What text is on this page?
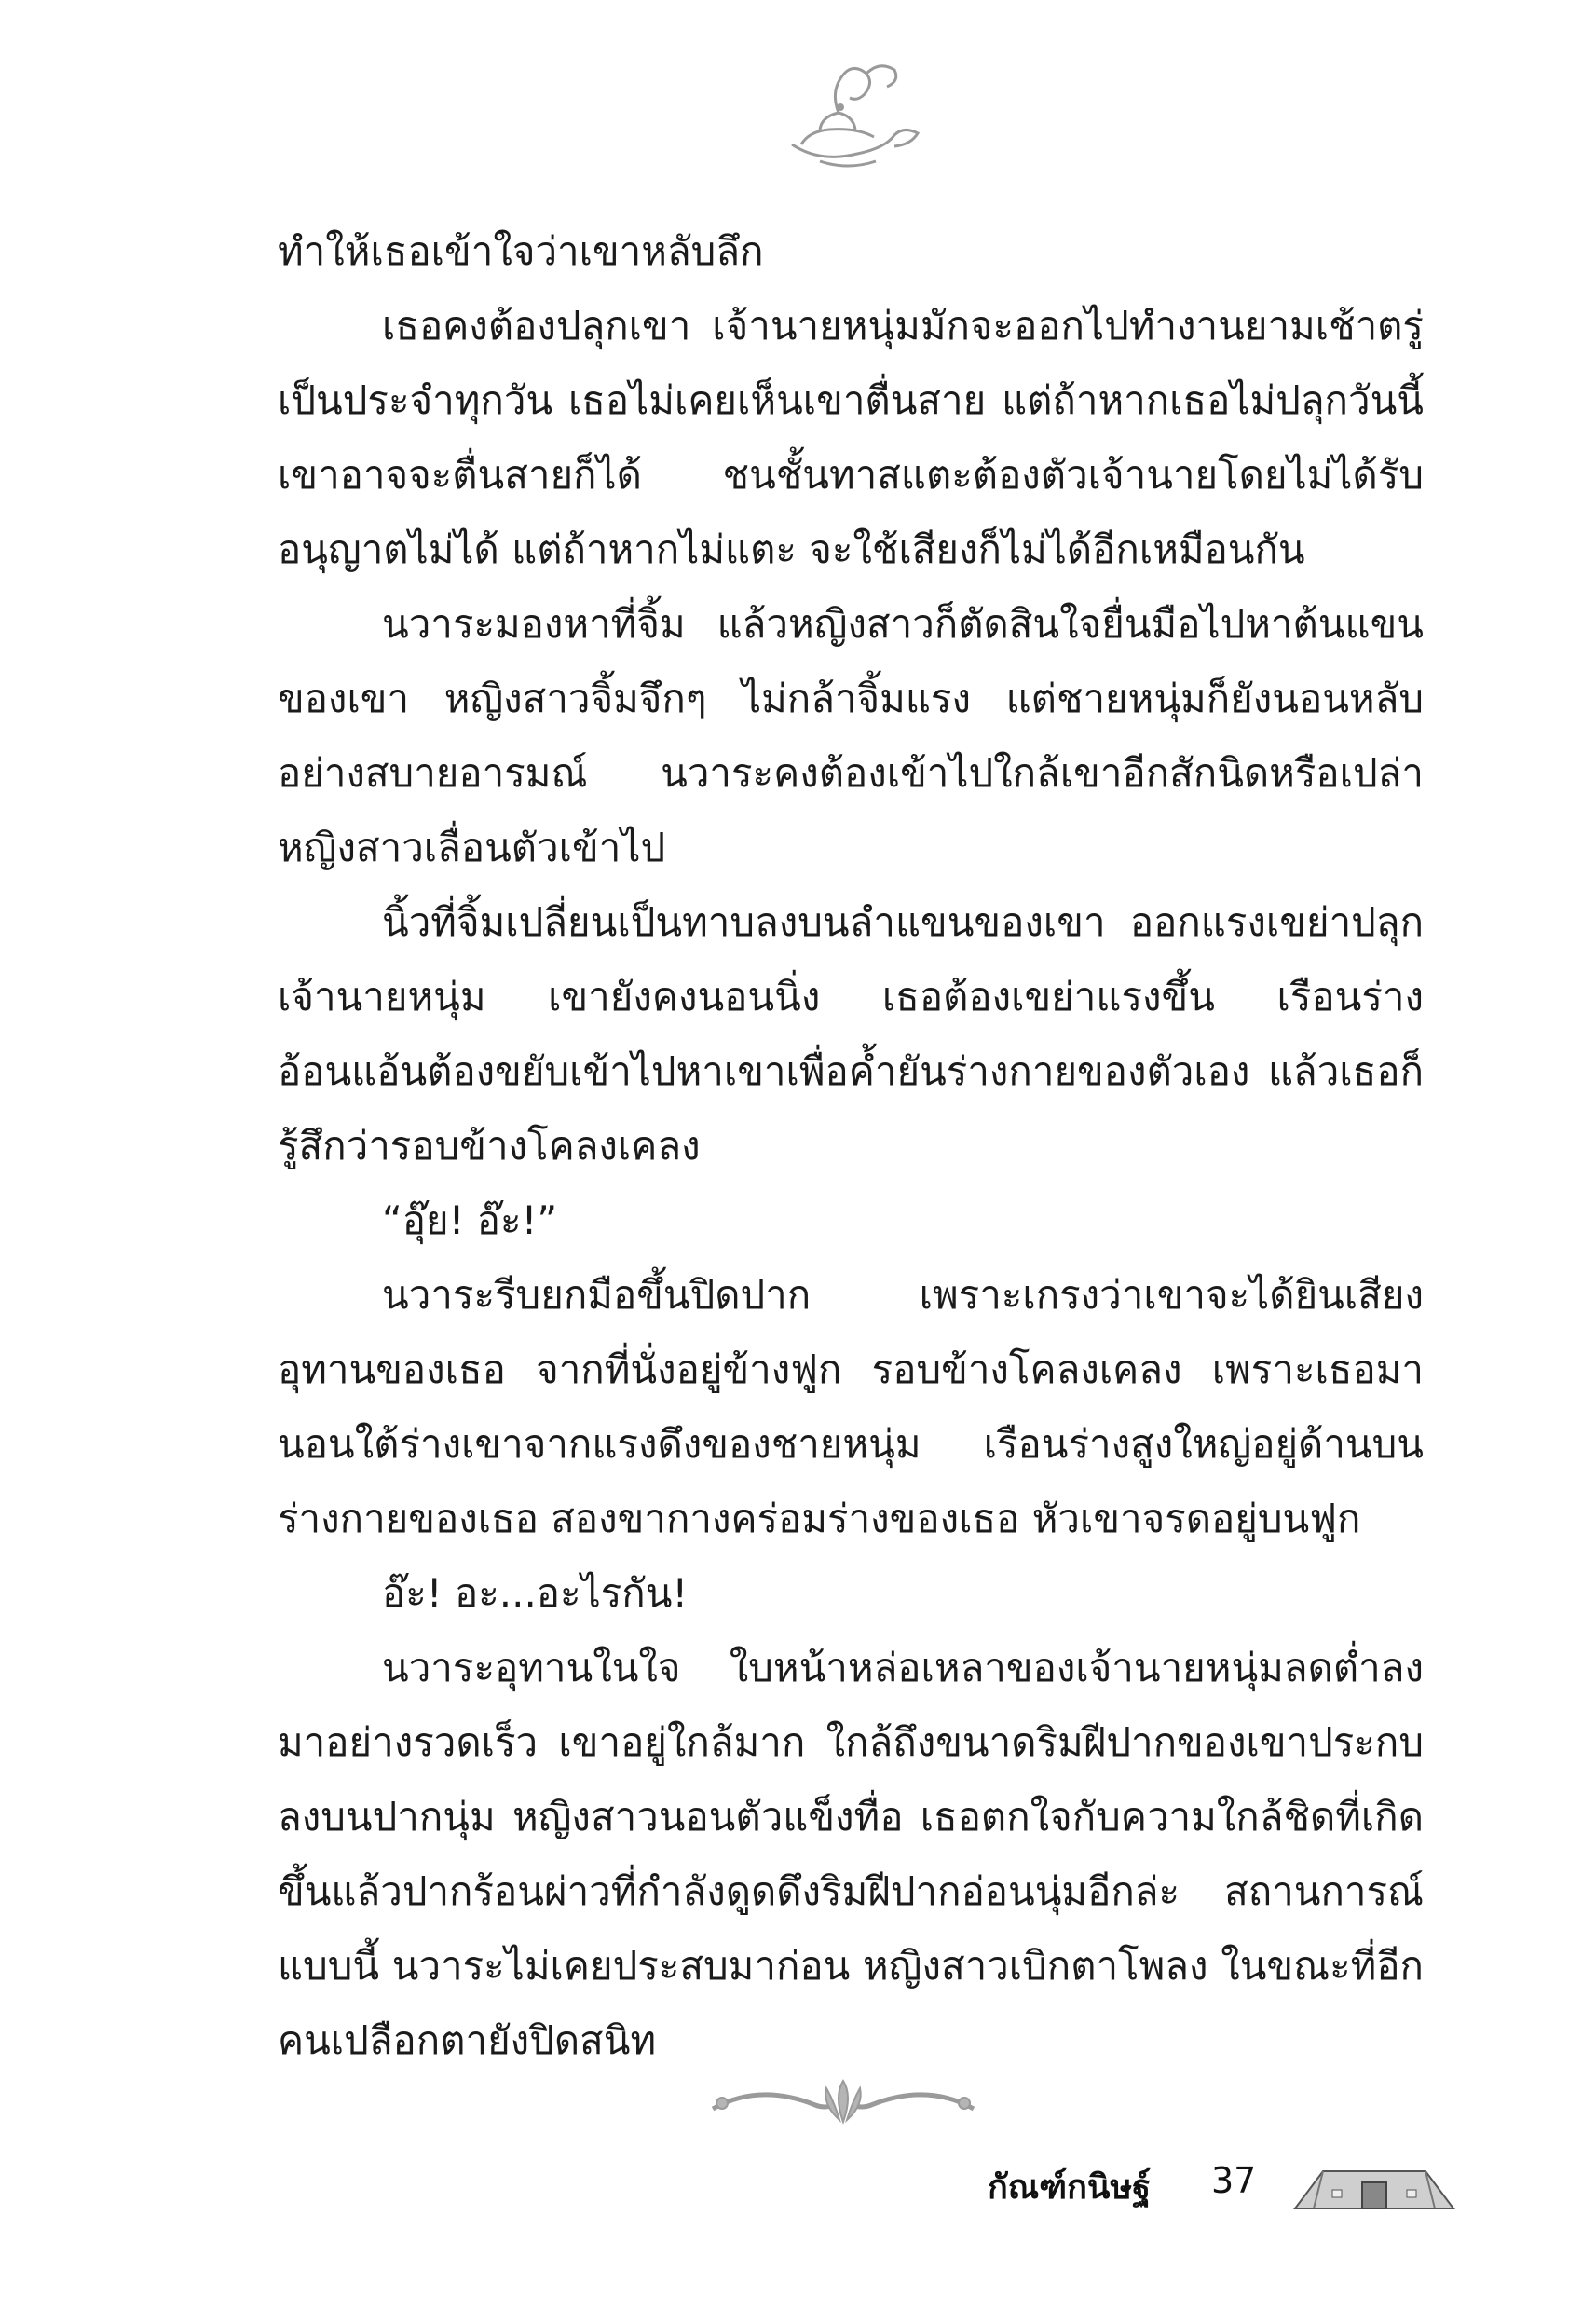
ทำให้เธอเข้าใจว่าเขาหลับลึก

เธอคงต้องปลุกเขา เจ้านายหนุ่มมักจะออกไปทำงานยามเช้าตรู่เป็นประจำทุกวัน เธอไม่เคยเห็นเขาตื่นสาย แต่ถ้าหากเธอไม่ปลุกวันนี้เขาอาจจะตื่นสายก็ได้ ชนชั้นทาสแตะต้องตัวเจ้านายโดยไม่ได้รับอนุญาตไม่ได้ แต่ถ้าหากไม่แตะ จะใช้เสียงก็ไม่ได้อีกเหมือนกัน

นวาระมองหาที่จิ้ม แล้วหญิงสาวก็ตัดสินใจยื่นมือไปหาต้นแขนของเขา หญิงสาวจิ้มจึกๆ ไม่กล้าจิ้มแรง แต่ชายหนุ่มก็ยังนอนหลับอย่างสบายอารมณ์ นวาระคงต้องเข้าไปใกล้เขาอีกสักนิดหรือเปล่าหญิงสาวเลื่อนตัวเข้าไป

นิ้วที่จิ้มเปลี่ยนเป็นทาบลงบนลำแขนของเขา ออกแรงเขย่าปลุกเจ้านายหนุ่ม เขายังคงนอนนิ่ง เธอต้องเขย่าแรงขึ้น เรือนร่างอ้อนแอ้นต้องขยับเข้าไปหาเขาเพื่อค้ำยันร่างกายของตัวเอง แล้วเธอก็รู้สึกว่ารอบข้างโคลงเคลง

“อุ๊ย! อ๊ะ!”

นวาระรีบยกมือขึ้นปิดปาก เพราะเกรงว่าเขาจะได้ยินเสียงอุทานของเธอ จากที่นั่งอยู่ข้างฟูก รอบข้างโคลงเคลง เพราะเธอมานอนใต้ร่างเขาจากแรงดึงของชายหนุ่ม เรือนร่างสูงใหญ่อยู่ด้านบนร่างกายของเธอ สองขากางคร่อมร่างของเธอ หัวเขาจรดอยู่บนฟูก

อ๊ะ! อะ...อะไรกัน!

นวาระอุทานในใจ ใบหน้าหล่อเหลาของเจ้านายหนุ่มลดต่ำลงมาอย่างรวดเร็ว เขาอยู่ใกล้มาก ใกล้ถึงขนาดริมฝีปากของเขาประกบลงบนปากนุ่ม หญิงสาวนอนตัวแข็งทื่อ เธอตกใจกับความใกล้ชิดที่เกิดขึ้นแล้วปากร้อนผ่าวที่กำลังดูดดึงริมฝีปากอ่อนนุ่มอีกล่ะ สถานการณ์แบบนี้ นวาระไม่เคยประสบมาก่อน หญิงสาวเบิกตาโพลง ในขณะที่อีกคนเปลือกตายังปิดสนิท

กัณฑ์กนิษฐ์ 37
